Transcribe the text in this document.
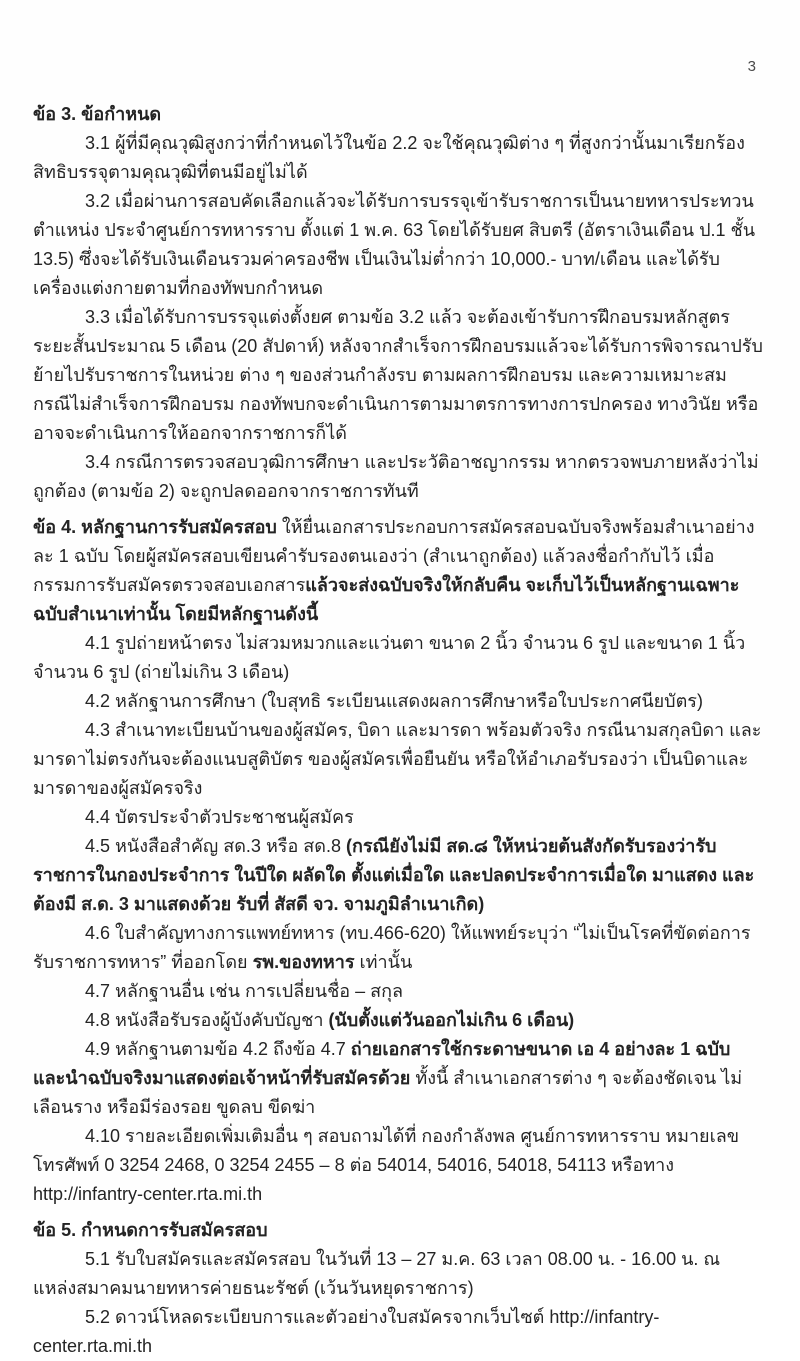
3

ข้อ 3. ข้อกำหนด

3.1 ผู้ที่มีคุณวุฒิสูงกว่าที่กำหนดไว้ในข้อ 2.2 จะใช้คุณวุฒิต่าง ๆ ที่สูงกว่านั้นมาเรียกร้องสิทธิบรรจุตามคุณวุฒิที่ตนมีอยู่ไม่ได้

3.2 เมื่อผ่านการสอบคัดเลือกแล้วจะได้รับการบรรจุเข้ารับราชการเป็นนายทหารประทวน ตำแหน่ง ประจำศูนย์การทหารราบ ตั้งแต่ 1 พ.ค. 63 โดยได้รับยศ สิบตรี (อัตราเงินเดือน ป.1 ชั้น 13.5) ซึ่งจะได้รับเงินเดือนรวมค่าครองชีพ เป็นเงินไม่ต่ำกว่า 10,000.- บาท/เดือน และได้รับเครื่องแต่งกายตามที่กองทัพบกกำหนด

3.3 เมื่อได้รับการบรรจุแต่งตั้งยศ ตามข้อ 3.2 แล้ว จะต้องเข้ารับการฝึกอบรมหลักสูตรระยะสั้นประมาณ 5 เดือน (20 สัปดาห์) หลังจากสำเร็จการฝึกอบรมแล้วจะได้รับการพิจารณาปรับย้ายไปรับราชการในหน่วย ต่าง ๆ ของส่วนกำลังรบ ตามผลการฝึกอบรม และความเหมาะสม กรณีไม่สำเร็จการฝึกอบรม กองทัพบกจะดำเนินการตามมาตรการทางการปกครอง ทางวินัย หรืออาจจะดำเนินการให้ออกจากราชการก็ได้

3.4 กรณีการตรวจสอบวุฒิการศึกษา และประวัติอาชญากรรม หากตรวจพบภายหลังว่าไม่ถูกต้อง (ตามข้อ 2) จะถูกปลดออกจากราชการทันที

ข้อ 4. หลักฐานการรับสมัครสอบ ให้ยื่นเอกสารประกอบการสมัครสอบฉบับจริงพร้อมสำเนาอย่างละ 1 ฉบับ โดยผู้สมัครสอบเขียนคำรับรองตนเองว่า (สำเนาถูกต้อง) แล้วลงชื่อกำกับไว้ เมื่อกรรมการรับสมัครตรวจสอบเอกสารแล้วจะส่งฉบับจริงให้กลับคืน จะเก็บไว้เป็นหลักฐานเฉพาะฉบับสำเนาเท่านั้น โดยมีหลักฐานดังนี้

4.1 รูปถ่ายหน้าตรง ไม่สวมหมวกและแว่นตา ขนาด 2 นิ้ว จำนวน 6 รูป และขนาด 1 นิ้ว จำนวน 6 รูป (ถ่ายไม่เกิน 3 เดือน)

4.2 หลักฐานการศึกษา (ใบสุทธิ ระเบียนแสดงผลการศึกษาหรือใบประกาศนียบัตร)

4.3 สำเนาทะเบียนบ้านของผู้สมัคร, บิดา และมารดา พร้อมตัวจริง กรณีนามสกุลบิดา และมารดาไม่ตรงกันจะต้องแนบสูติบัตร ของผู้สมัครเพื่อยืนยัน หรือให้อำเภอรับรองว่า เป็นบิดาและมารดาของผู้สมัครจริง

4.4 บัตรประจำตัวประชาชนผู้สมัคร

4.5 หนังสือสำคัญ สด.3 หรือ สด.8 (กรณียังไม่มี สด.๘ ให้หน่วยต้นสังกัดรับรองว่ารับราชการในกองประจำการ ในปีใด ผลัดใด ตั้งแต่เมื่อใด และปลดประจำการเมื่อใด มาแสดง และ ต้องมี ส.ด. 3 มาแสดงด้วย รับที่ สัสดี จว. จามภูมิลำเนาเกิด)

4.6 ใบสำคัญทางการแพทย์ทหาร (ทบ.466-620) ให้แพทย์ระบุว่า “ไม่เป็นโรคที่ขัดต่อการรับราชการทหาร” ที่ออกโดย รพ.ของทหาร เท่านั้น

4.7 หลักฐานอื่น เช่น การเปลี่ยนชื่อ – สกุล

4.8 หนังสือรับรองผู้บังคับบัญชา (นับตั้งแต่วันออกไม่เกิน 6 เดือน)

4.9 หลักฐานตามข้อ 4.2 ถึงข้อ 4.7 ถ่ายเอกสารใช้กระดาษขนาด เอ 4 อย่างละ 1 ฉบับ และนำฉบับจริงมาแสดงต่อเจ้าหน้าที่รับสมัครด้วย ทั้งนี้ สำเนาเอกสารต่าง ๆ จะต้องชัดเจน ไม่เลือนราง หรือมีร่องรอย ขูดลบ ขีดฆ่า

4.10 รายละเอียดเพิ่มเติมอื่น ๆ สอบถามได้ที่ กองกำลังพล ศูนย์การทหารราบ หมายเลขโทรศัพท์ 0 3254 2468, 0 3254 2455 – 8 ต่อ 54014, 54016, 54018, 54113 หรือทาง http://infantry-center.rta.mi.th

ข้อ 5. กำหนดการรับสมัครสอบ

5.1 รับใบสมัครและสมัครสอบ ในวันที่ 13 – 27 ม.ค. 63 เวลา 08.00 น. - 16.00 น. ณ แหล่งสมาคมนายทหารค่ายธนะรัชต์ (เว้นวันหยุดราชการ)

5.2 ดาวน์โหลดระเบียบการและตัวอย่างใบสมัครจากเว็บไซต์ http://infantry-center.rta.mi.th
